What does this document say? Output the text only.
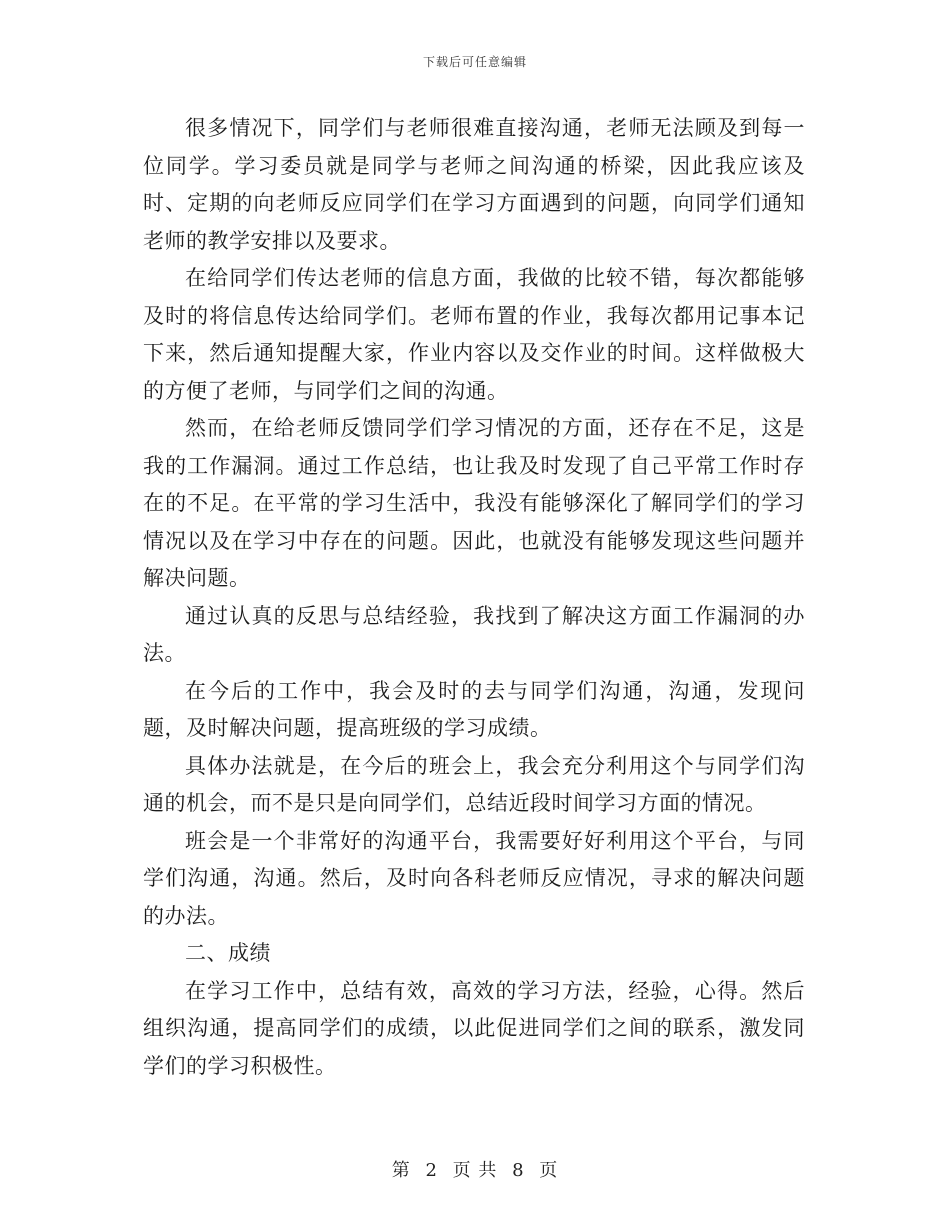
下载后可任意编辑

很多情况下，同学们与老师很难直接沟通，老师无法顾及到每一位同学。学习委员就是同学与老师之间沟通的桥梁，因此我应该及时、定期的向老师反应同学们在学习方面遇到的问题，向同学们通知老师的教学安排以及要求。

在给同学们传达老师的信息方面，我做的比较不错，每次都能够及时的将信息传达给同学们。老师布置的作业，我每次都用记事本记下来，然后通知提醒大家，作业内容以及交作业的时间。这样做极大的方便了老师，与同学们之间的沟通。

然而，在给老师反馈同学们学习情况的方面，还存在不足，这是我的工作漏洞。通过工作总结，也让我及时发现了自己平常工作时存在的不足。在平常的学习生活中，我没有能够深化了解同学们的学习情况以及在学习中存在的问题。因此，也就没有能够发现这些问题并解决问题。

通过认真的反思与总结经验，我找到了解决这方面工作漏洞的办法。

在今后的工作中，我会及时的去与同学们沟通，沟通，发现问题，及时解决问题，提高班级的学习成绩。

具体办法就是，在今后的班会上，我会充分利用这个与同学们沟通的机会，而不是只是向同学们，总结近段时间学习方面的情况。

班会是一个非常好的沟通平台，我需要好好利用这个平台，与同学们沟通，沟通。然后，及时向各科老师反应情况，寻求的解决问题的办法。

二、成绩

在学习工作中，总结有效，高效的学习方法，经验，心得。然后组织沟通，提高同学们的成绩，以此促进同学们之间的联系，激发同学们的学习积极性。

第 2 页 共 8 页
